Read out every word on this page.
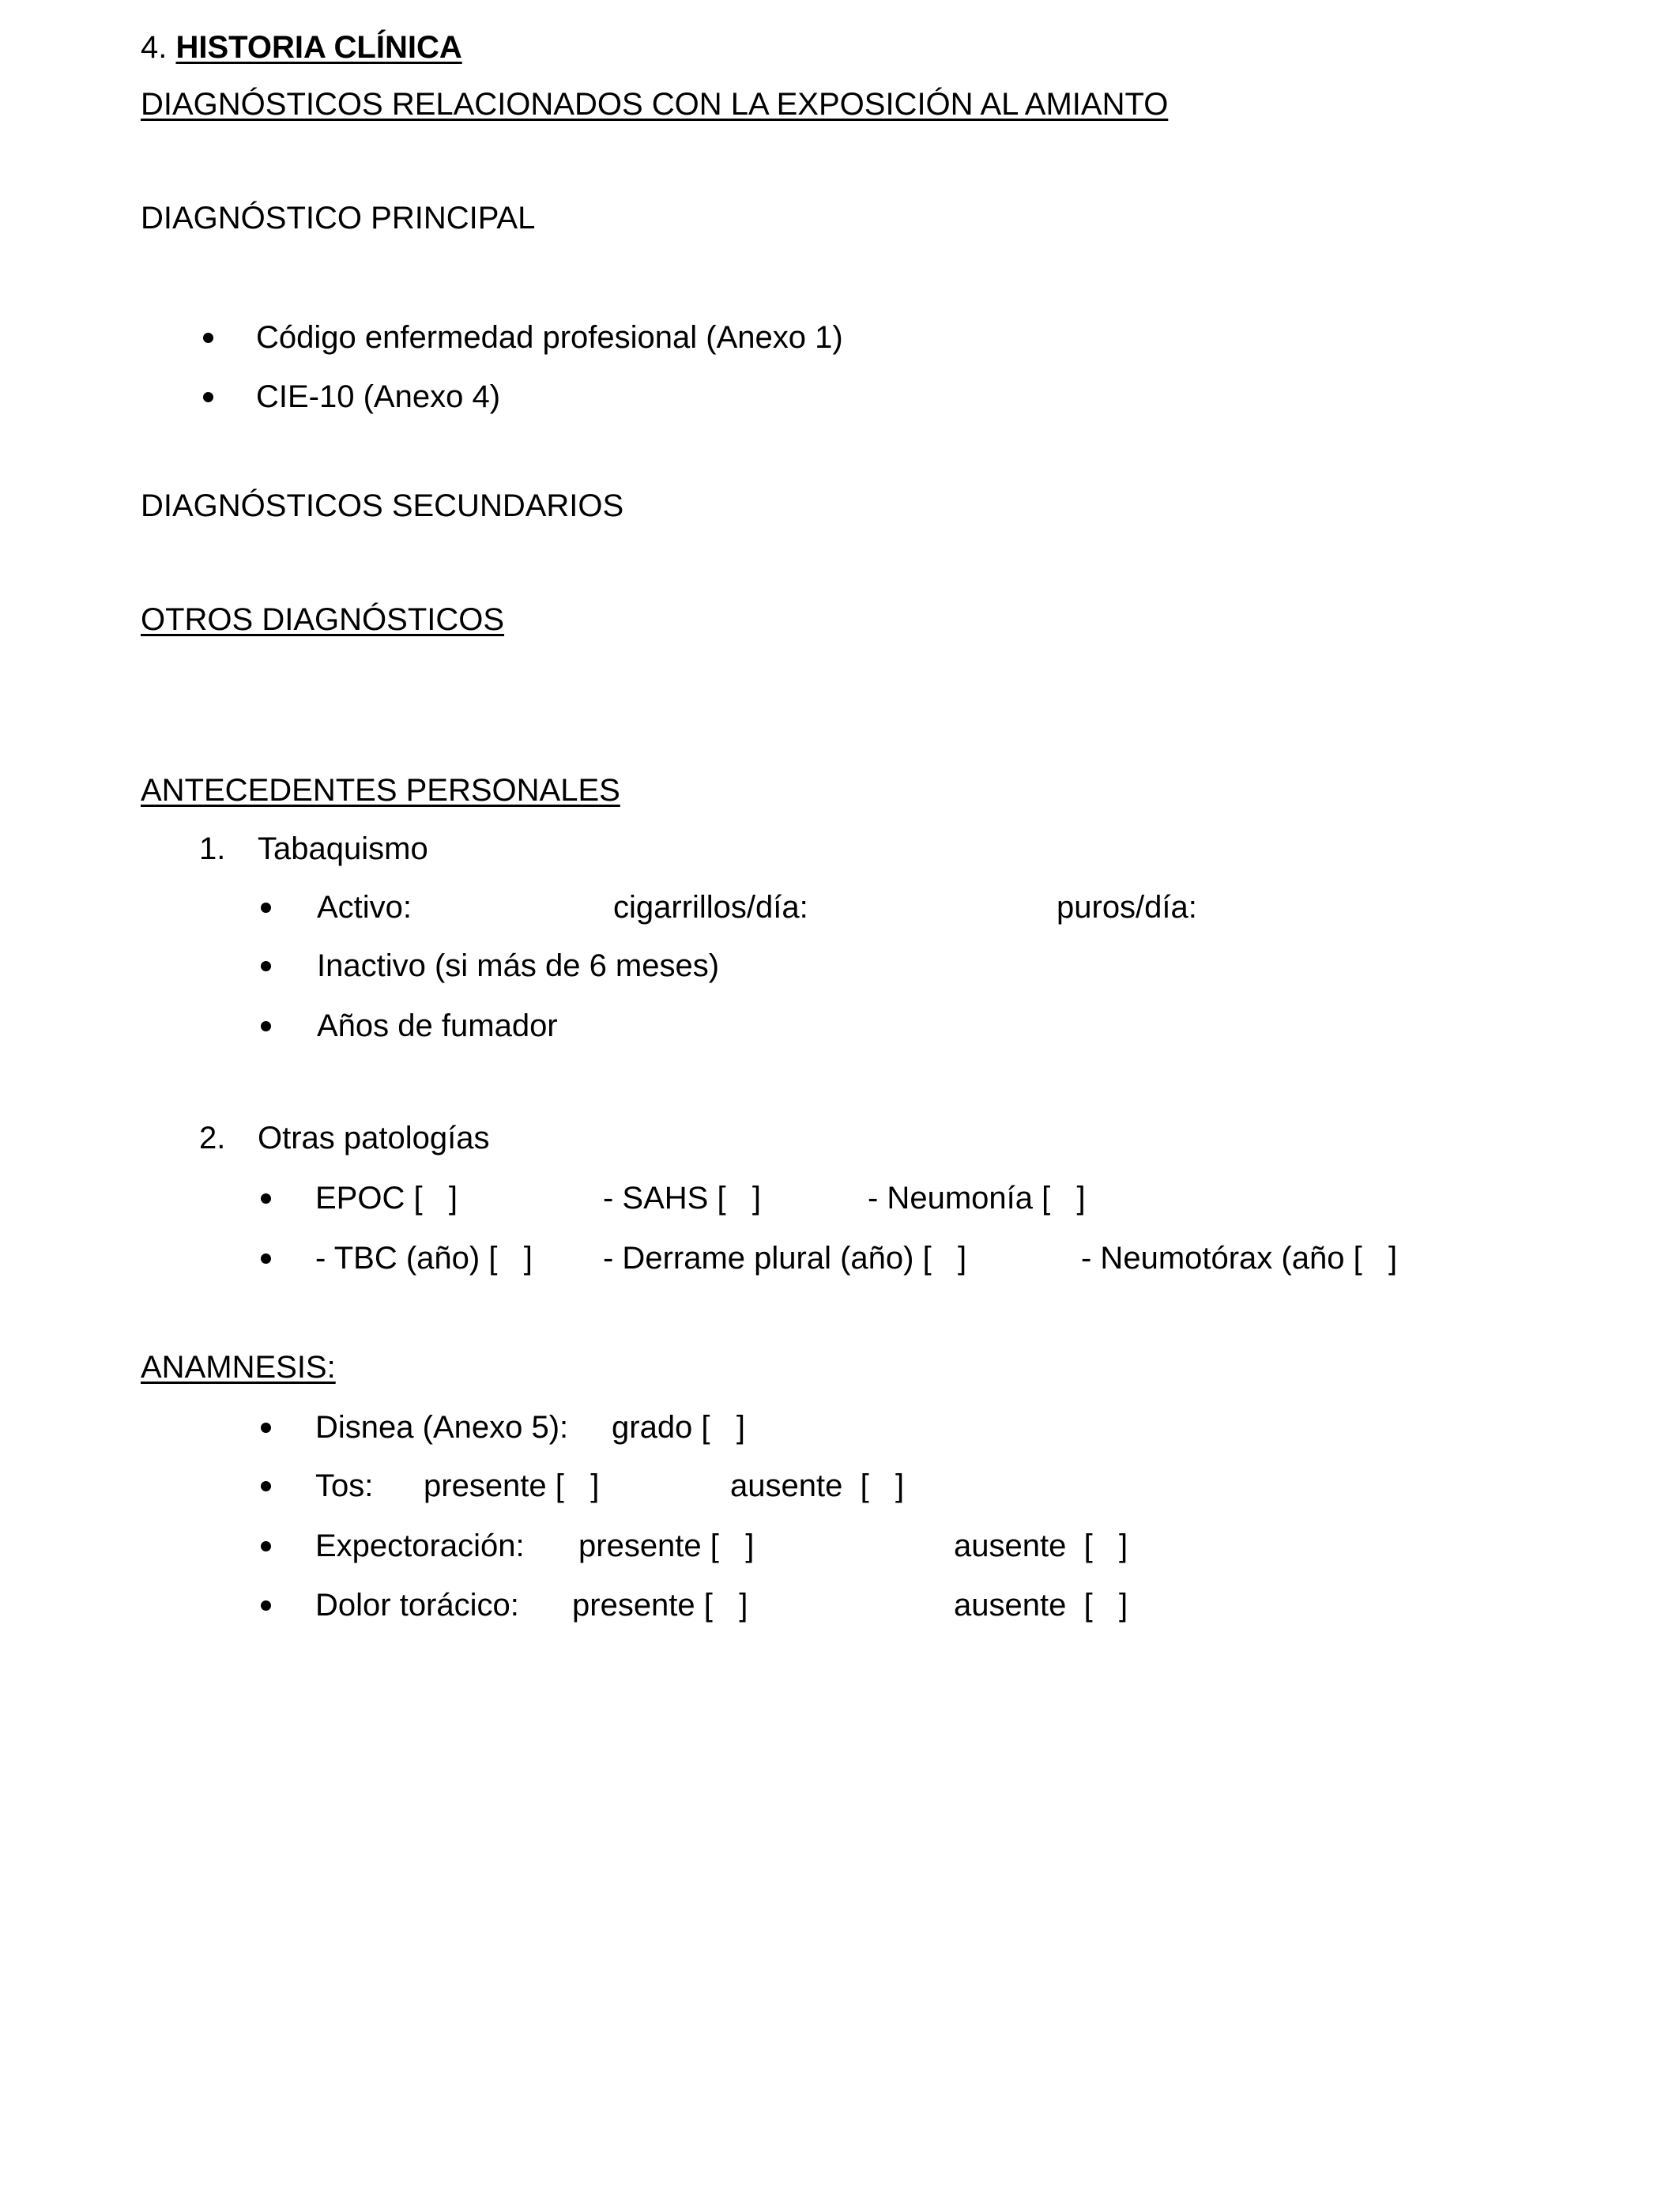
4. HISTORIA CLÍNICA
DIAGNÓSTICOS RELACIONADOS CON LA EXPOSICIÓN AL AMIANTO
DIAGNÓSTICO PRINCIPAL
Código enfermedad profesional (Anexo 1)
CIE-10 (Anexo 4)
DIAGNÓSTICOS SECUNDARIOS
OTROS DIAGNÓSTICOS
ANTECEDENTES PERSONALES
1. Tabaquismo
Activo:	cigarrillos/día:	puros/día:
Inactivo (si más de 6 meses)
Años de fumador
2. Otras patologías
EPOC [   ]	- SAHS [   ]	- Neumonía [   ]
- TBC (año) [   ] - Derrame plural (año) [   ]	- Neumotórax (año [   ]
ANAMNESIS:
Disnea (Anexo 5): grado [   ]
Tos: presente [   ]	ausente  [   ]
Expectoración: presente [   ]	ausente  [   ]
Dolor torácico: presente [   ]	ausente  [   ]
